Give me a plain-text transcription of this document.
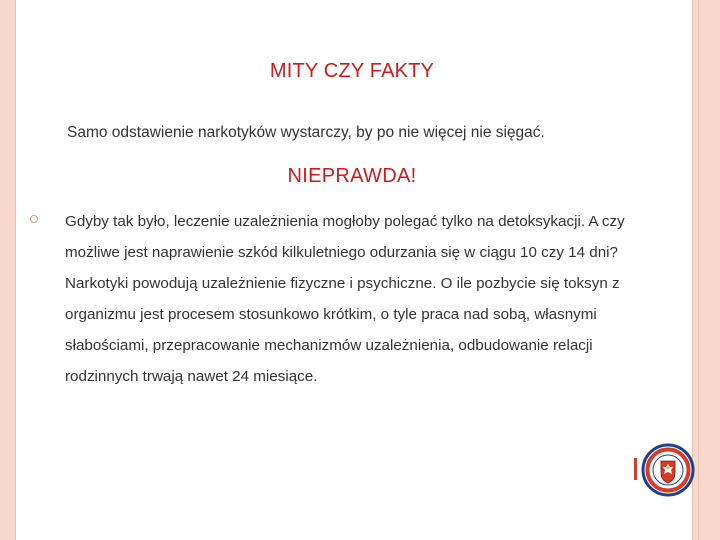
MITY CZY FAKTY
Samo odstawienie narkotyków wystarczy, by po nie więcej nie sięgać.
NIEPRAWDA!

Gdyby tak było, leczenie uzależnienia mogłoby polegać tylko na detoksykacji. A czy możliwe jest naprawienie szkód kilkuletniego odurzania się w ciągu 10 czy 14 dni? Narkotyki powodują uzależnienie fizyczne i psychiczne. O ile pozbycie się toksyn z organizmu jest procesem stosunkowo krótkim, o tyle praca nad sobą, własnymi słabościami, przepracowanie mechanizmów uzależnienia, odbudowanie relacji rodzinnych trwają nawet 24 miesiące.
